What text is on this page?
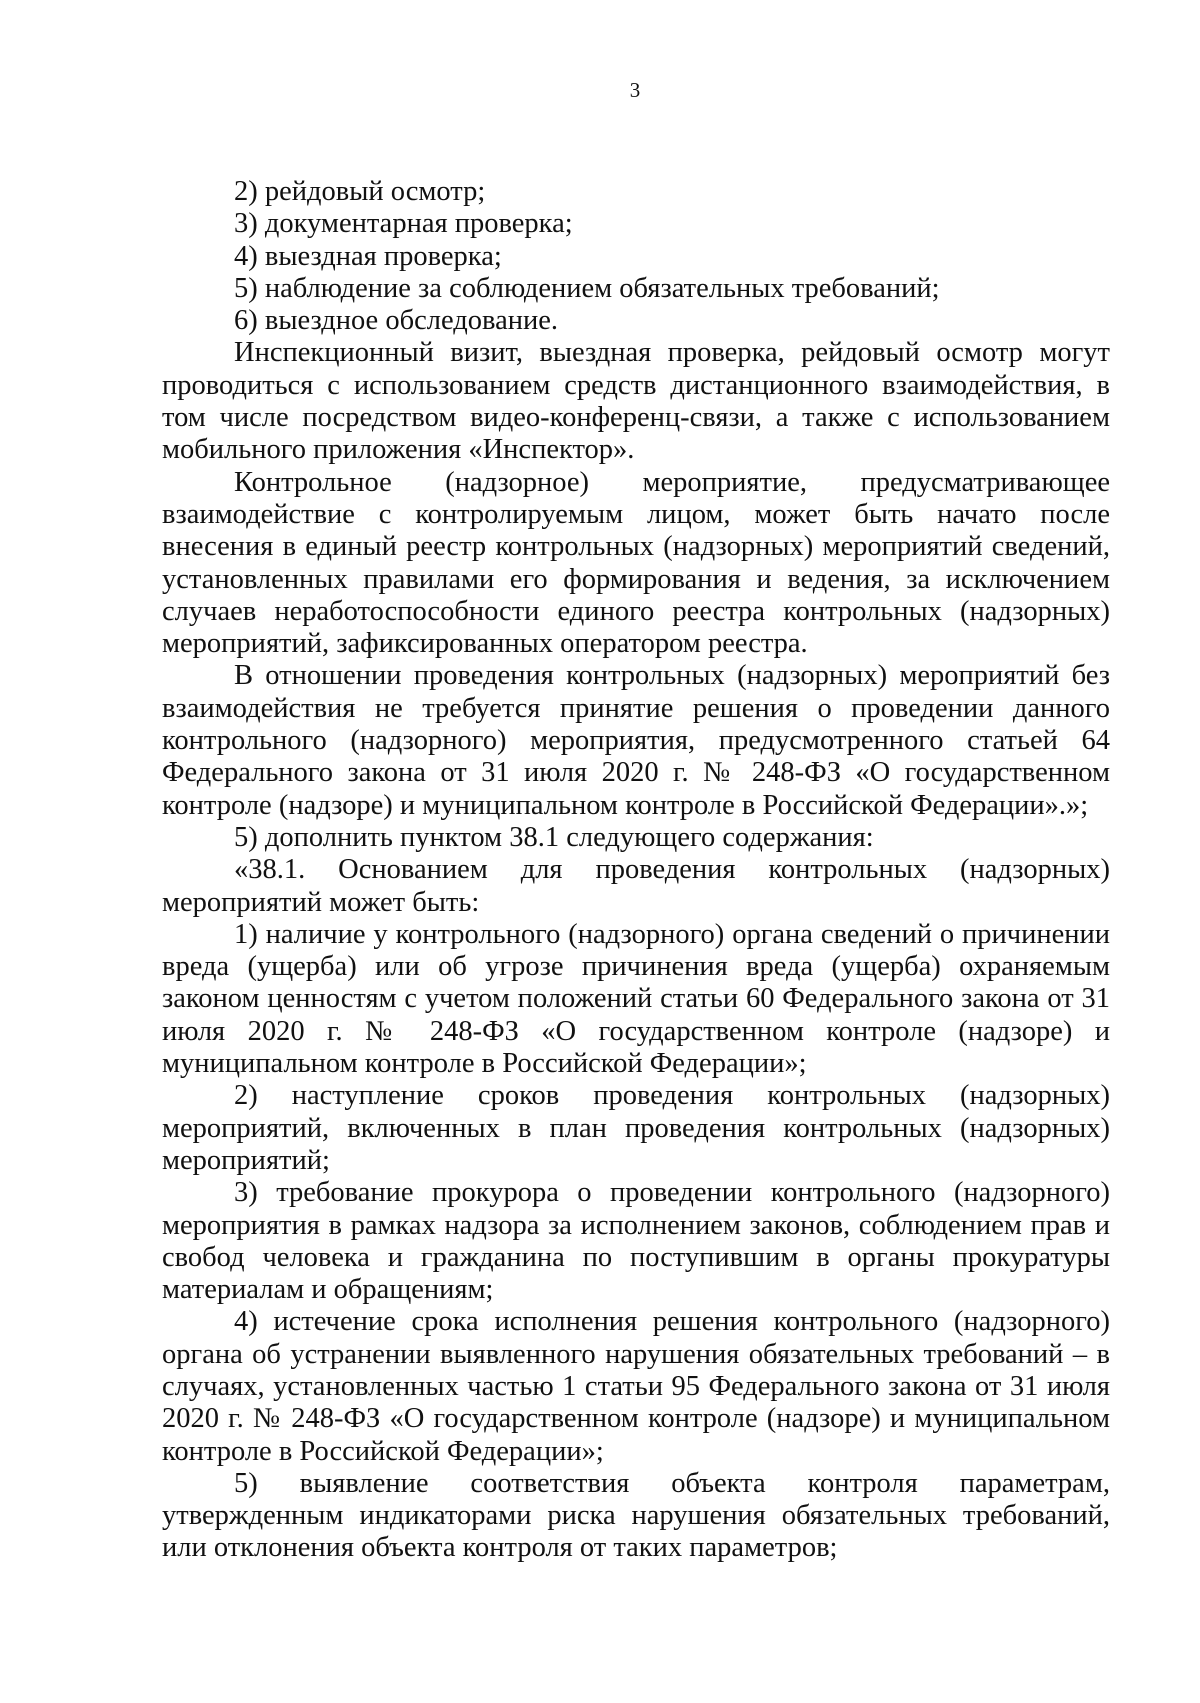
3

2) рейдовый осмотр;

3) документарная проверка;

4) выездная проверка;

5) наблюдение за соблюдением обязательных требований;

6) выездное обследование.

Инспекционный визит, выездная проверка, рейдовый осмотр могут проводиться с использованием средств дистанционного взаимодействия, в том числе посредством видео-конференц-связи, а также с использованием мобильного приложения «Инспектор».

Контрольное (надзорное) мероприятие, предусматривающее взаимодействие с контролируемым лицом, может быть начато после внесения в единый реестр контрольных (надзорных) мероприятий сведений, установленных правилами его формирования и ведения, за исключением случаев неработоспособности единого реестра контрольных (надзорных) мероприятий, зафиксированных оператором реестра.

В отношении проведения контрольных (надзорных) мероприятий без взаимодействия не требуется принятие решения о проведении данного контрольного (надзорного) мероприятия, предусмотренного статьей 64 Федерального закона от 31 июля 2020 г. № 248-ФЗ «О государственном контроле (надзоре) и муниципальном контроле в Российской Федерации».»;

5) дополнить пунктом 38.1 следующего содержания:

«38.1. Основанием для проведения контрольных (надзорных) мероприятий может быть:

1) наличие у контрольного (надзорного) органа сведений о причинении вреда (ущерба) или об угрозе причинения вреда (ущерба) охраняемым законом ценностям с учетом положений статьи 60 Федерального закона от 31 июля 2020 г. № 248-ФЗ «О государственном контроле (надзоре) и муниципальном контроле в Российской Федерации»;

2) наступление сроков проведения контрольных (надзорных) мероприятий, включенных в план проведения контрольных (надзорных) мероприятий;

3) требование прокурора о проведении контрольного (надзорного) мероприятия в рамках надзора за исполнением законов, соблюдением прав и свобод человека и гражданина по поступившим в органы прокуратуры материалам и обращениям;

4) истечение срока исполнения решения контрольного (надзорного) органа об устранении выявленного нарушения обязательных требований – в случаях, установленных частью 1 статьи 95 Федерального закона от 31 июля 2020 г. № 248-ФЗ «О государственном контроле (надзоре) и муниципальном контроле в Российской Федерации»;

5) выявление соответствия объекта контроля параметрам, утвержденным индикаторами риска нарушения обязательных требований, или отклонения объекта контроля от таких параметров;
